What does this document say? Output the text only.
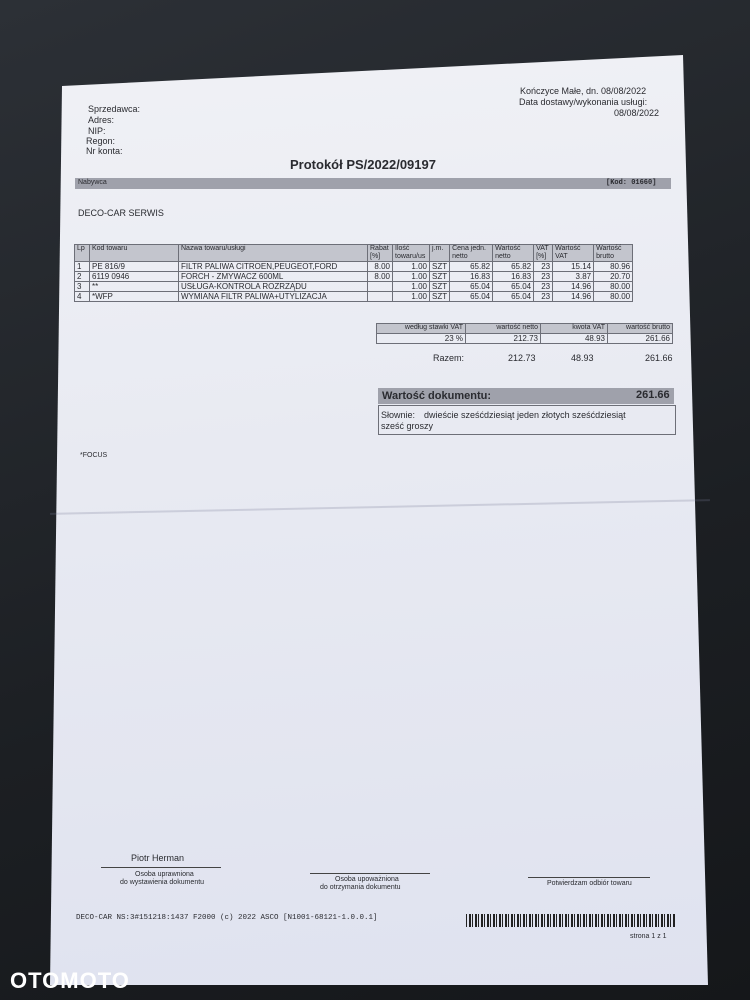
Sprzedawca:
Adres:
NIP:
Regon:
Nr konta:
Kończyce Małe, dn. 08/08/2022
Data dostawy/wykonania usługi:
08/08/2022
Protokół PS/2022/09197
Nabywca	[Kod: 01660]
DECO-CAR SERWIS
Lp	Kod towaru	Nazwa towaru/usługi	Rabat [%]	Ilość towaru/us	j.m.	Cena jedn. netto	Wartość netto	VAT [%]	Wartość VAT	Wartość brutto
1	PE 816/9	FILTR PALIWA CITROEN,PEUGEOT,FORD	8.00	1.00	SZT	65.82	65.82	23	15.14	80.96
2	6119 0946	FORCH - ZMYWACZ 600ML	8.00	1.00	SZT	16.83	16.83	23	3.87	20.70
3	**	USŁUGA-KONTROLA ROZRZĄDU		1.00	SZT	65.04	65.04	23	14.96	80.00
4	*WFP	WYMIANA FILTR PALIWA+UTYLIZACJA		1.00	SZT	65.04	65.04	23	14.96	80.00
według stawki VAT	wartość netto	kwota VAT	wartość brutto
23 %	212.73	48.93	261.66
Razem:	212.73	48.93	261.66
Wartość dokumentu:	261.66
Słownie: dwieście sześćdziesiąt jeden złotych sześćdziesiąt
sześć groszy
*FOCUS
Piotr Herman
Osoba uprawniona
do wystawienia dokumentu	Osoba upoważniona
do otrzymania dokumentu
Potwierdzam odbiór towaru
DECO-CAR NS:3#151218:1437 F2000 (c) 2022 ASCO [N1001-68121-1.0.0.1]
strona 1 z 1
OTOMOTO
